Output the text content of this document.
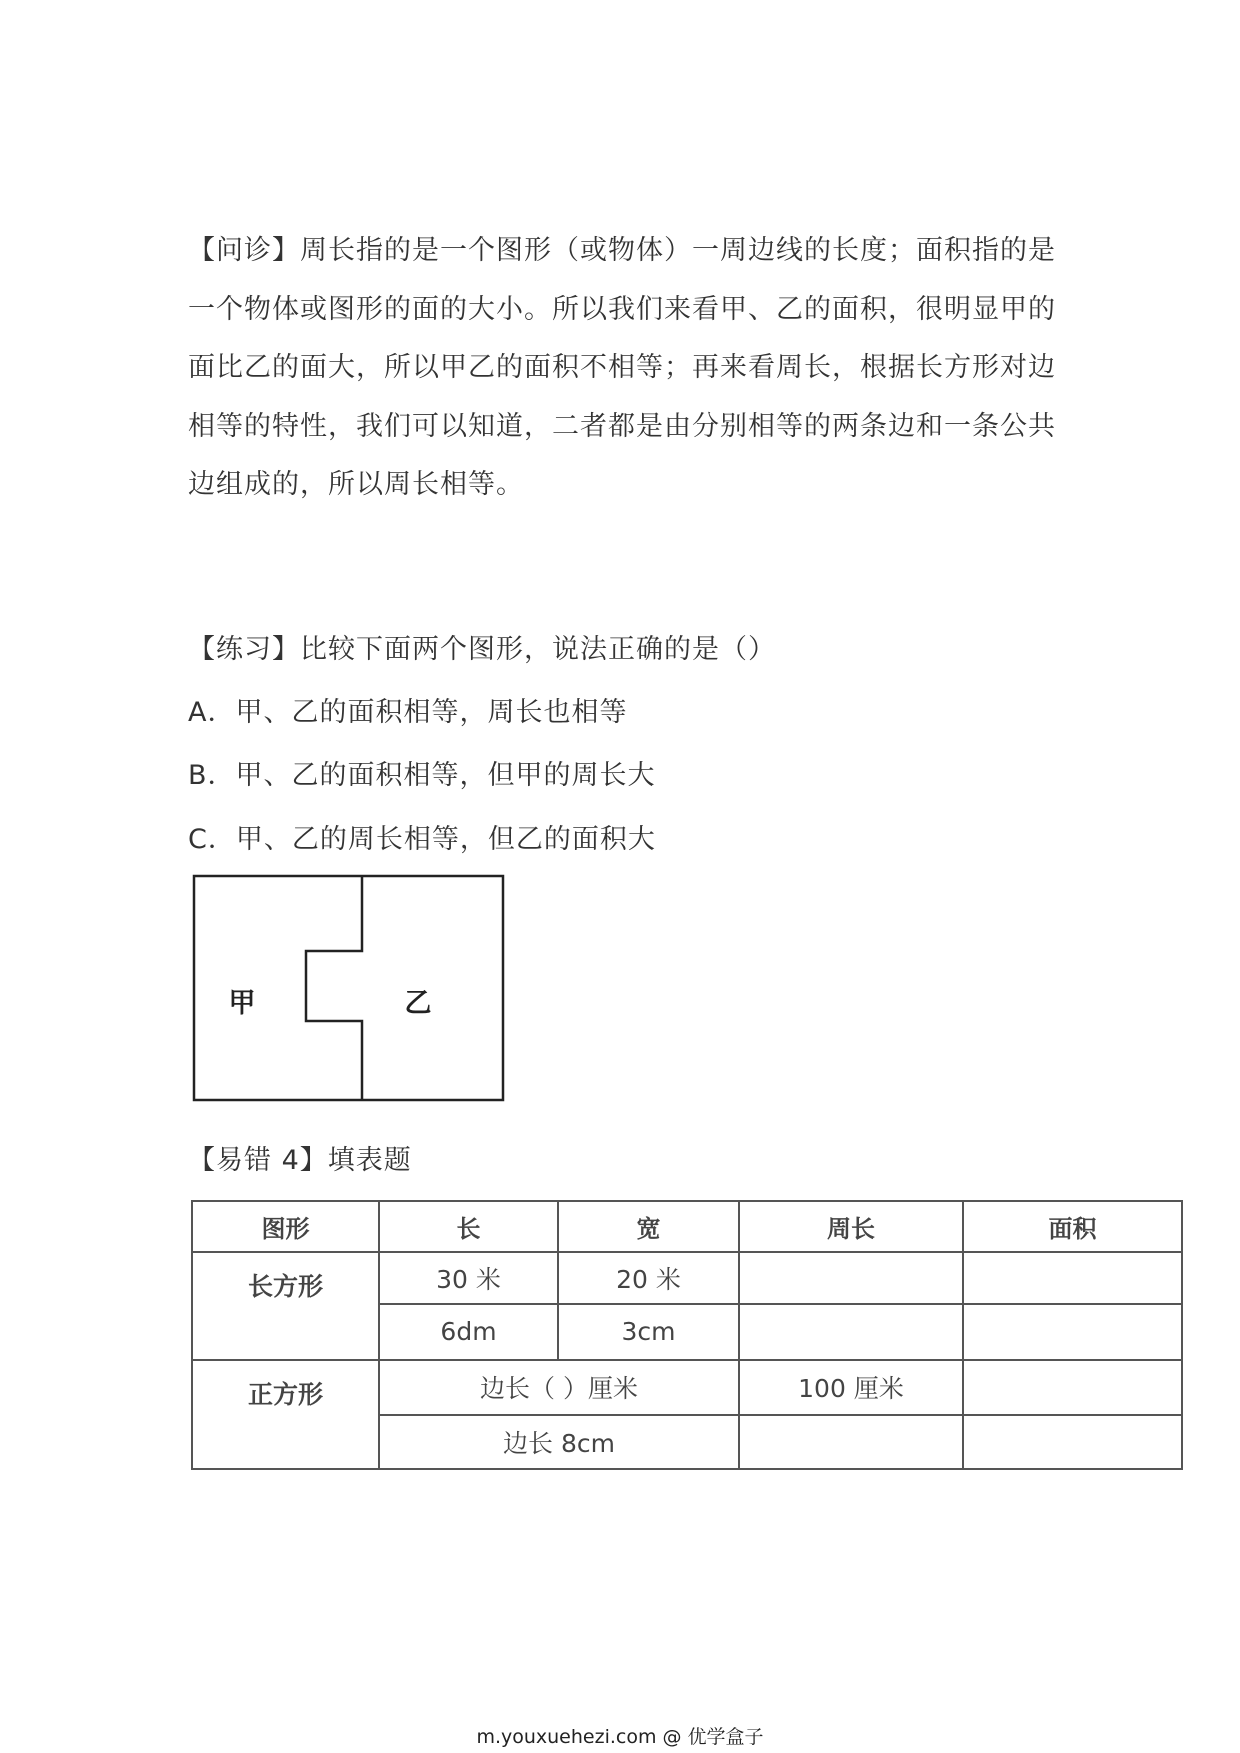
【问诊】周长指的是一个图形（或物体）一周边线的长度；面积指的是一个物体或图形的面的大小。所以我们来看甲、乙的面积，很明显甲的面比乙的面大，所以甲乙的面积不相等；再来看周长，根据长方形对边相等的特性，我们可以知道，二者都是由分别相等的两条边和一条公共边组成的，所以周长相等。

【练习】比较下面两个图形，说法正确的是（）

A．甲、乙的面积相等，周长也相等

B．甲、乙的面积相等，但甲的周长大

C．甲、乙的周长相等，但乙的面积大

甲	乙

【易错 4】填表题

图形	长	宽	周长	面积
长方形	30 米	20 米		
	6dm	3cm		
正方形	边长（ ）厘米		100 厘米	
	边长 8cm			
m.youxuehezi.com @ 优学盒子
